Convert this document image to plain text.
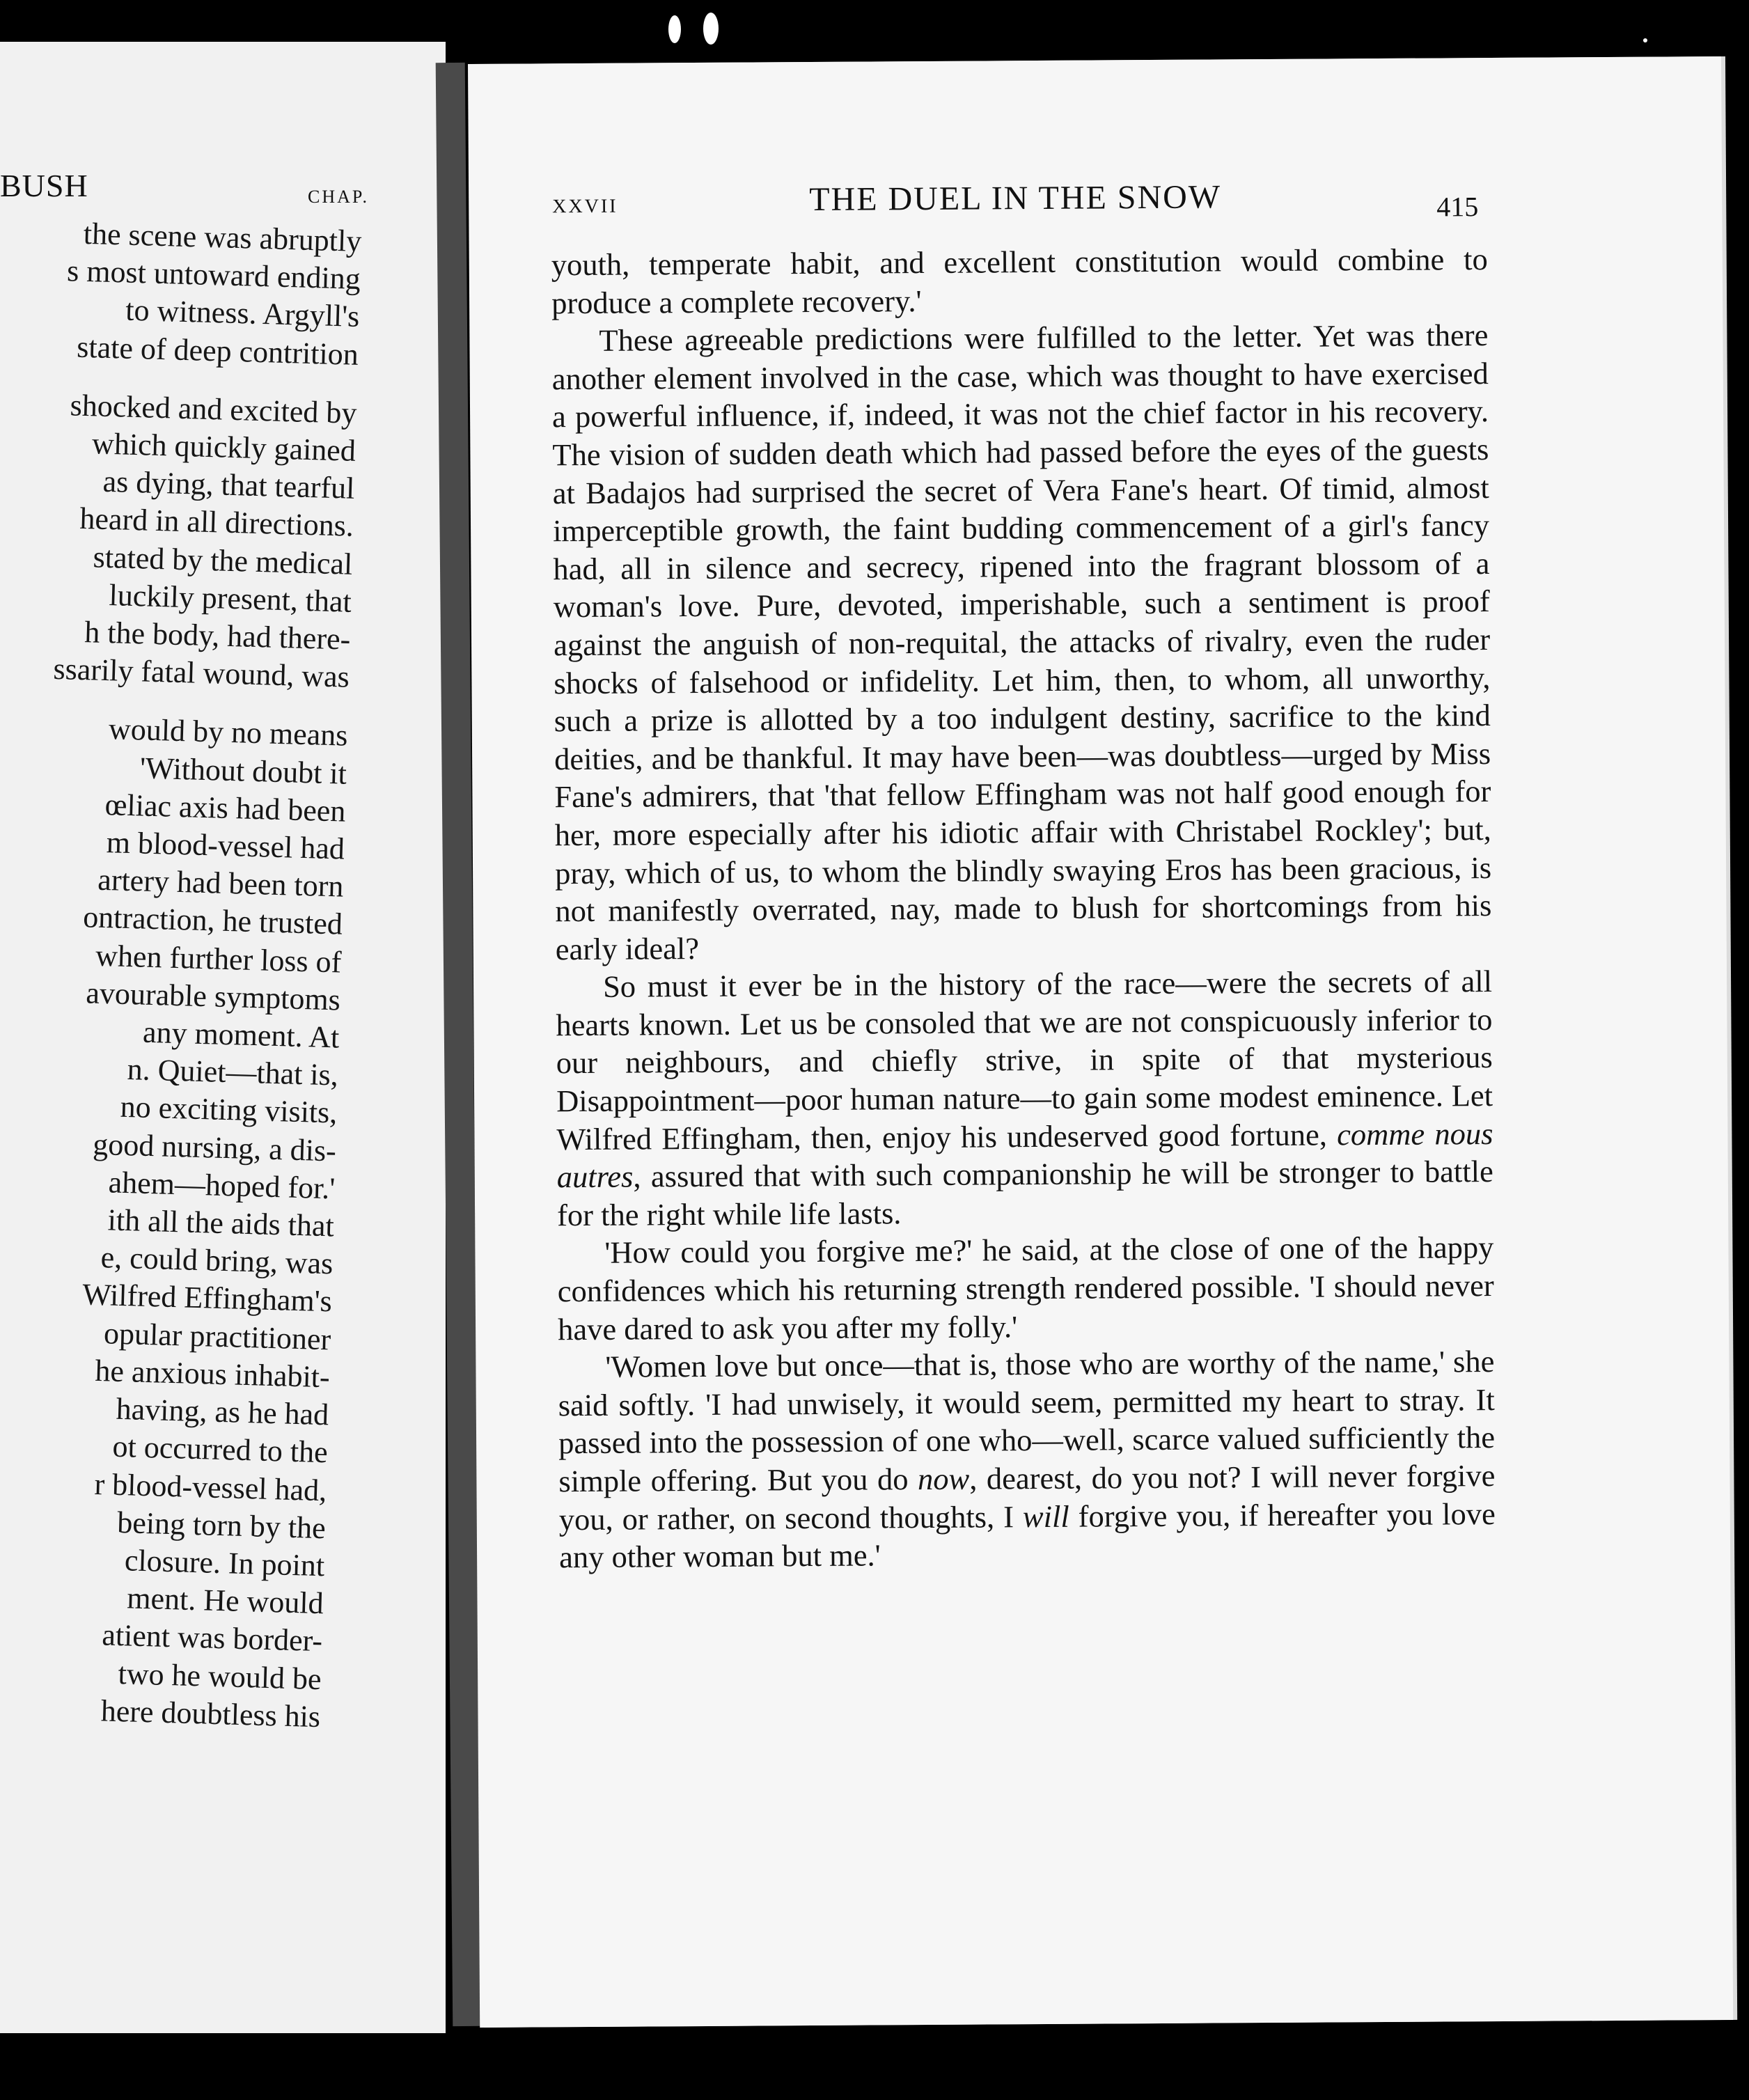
BUSH	CHAP.
the scene was abruptly
s most untoward ending
to witness. Argyll's
state of deep contrition
shocked and excited by
which quickly gained
as dying, that tearful
heard in all directions.
stated by the medical
luckily present, that
h the body, had there-
ssarily fatal wound, was
would by no means
'Without doubt it
œliac axis had been
m blood-vessel had
artery had been torn
ontraction, he trusted
when further loss of
avourable symptoms
any moment. At
n. Quiet—that is,
no exciting visits,
good nursing, a dis-
ahem—hoped for.'
ith all the aids that
e, could bring, was
Wilfred Effingham's
opular practitioner
he anxious inhabit-
having, as he had
ot occurred to the
r blood-vessel had,
being torn by the
closure. In point
ment. He would
atient was border-
two he would be
here doubtless his
XXVII	THE DUEL IN THE SNOW	415

youth, temperate habit, and excellent constitution would combine to produce a complete recovery.'

These agreeable predictions were fulfilled to the letter. Yet was there another element involved in the case, which was thought to have exercised a powerful influence, if, indeed, it was not the chief factor in his recovery. The vision of sudden death which had passed before the eyes of the guests at Badajos had surprised the secret of Vera Fane's heart. Of timid, almost imperceptible growth, the faint budding commencement of a girl's fancy had, all in silence and secrecy, ripened into the fragrant blossom of a woman's love. Pure, devoted, imperishable, such a sentiment is proof against the anguish of non-requital, the attacks of rivalry, even the ruder shocks of falsehood or infidelity. Let him, then, to whom, all unworthy, such a prize is allotted by a too indulgent destiny, sacrifice to the kind deities, and be thankful. It may have been—was doubtless—urged by Miss Fane's admirers, that 'that fellow Effingham was not half good enough for her, more especially after his idiotic affair with Christabel Rockley'; but, pray, which of us, to whom the blindly swaying Eros has been gracious, is not manifestly overrated, nay, made to blush for shortcomings from his early ideal?

So must it ever be in the history of the race—were the secrets of all hearts known. Let us be consoled that we are not conspicuously inferior to our neighbours, and chiefly strive, in spite of that mysterious Disappointment—poor human nature—to gain some modest eminence. Let Wilfred Effingham, then, enjoy his undeserved good fortune, comme nous autres, assured that with such companionship he will be stronger to battle for the right while life lasts.

'How could you forgive me?' he said, at the close of one of the happy confidences which his returning strength rendered possible. 'I should never have dared to ask you after my folly.'

'Women love but once—that is, those who are worthy of the name,' she said softly. 'I had unwisely, it would seem, permitted my heart to stray. It passed into the possession of one who—well, scarce valued sufficiently the simple offering. But you do now, dearest, do you not? I will never forgive you, or rather, on second thoughts, I will forgive you, if hereafter you love any other woman but me.'
